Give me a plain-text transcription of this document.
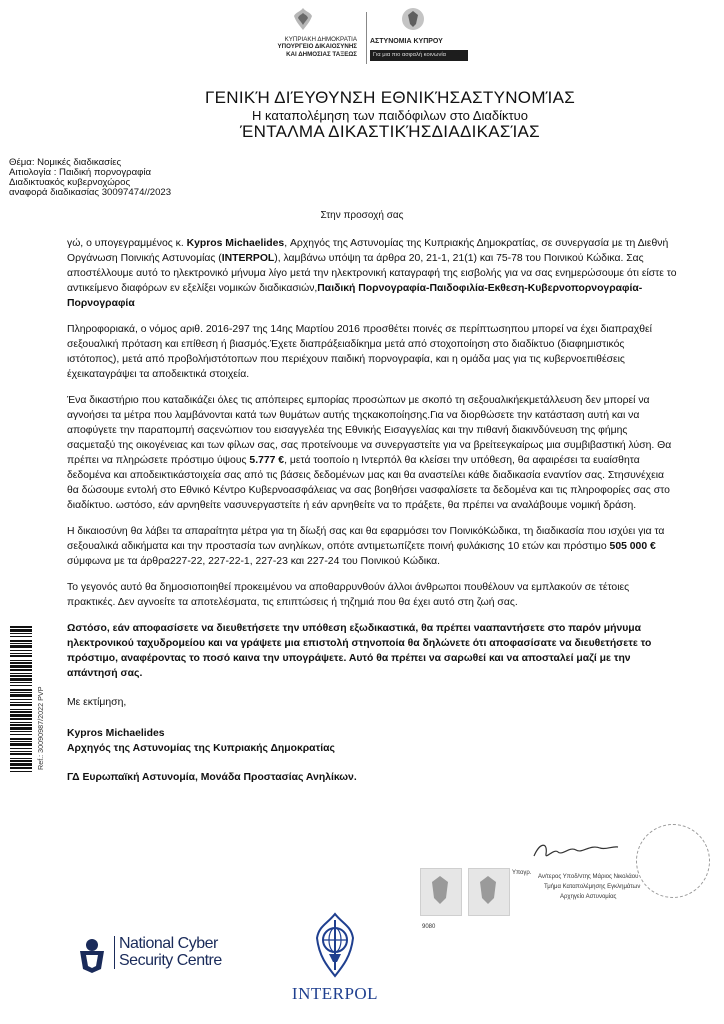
ΚΥΠΡΙΑΚΗ ΔΗΜΟΚΡΑΤΙΑ
ΥΠΟΥΡΓΕΙΟ ΔΙΚΑΙΟΣΥΝΗΣ
ΚΑΙ ΔΗΜΟΣΙΑΣ ΤΑΞΕΩΣ
ΑΣΤΥΝΟΜΙΑ ΚΥΠΡΟΥ
Για μια πιο ασφαλή κοινωνία
ΓΕΝΙΚΉ ΔΙΈΥΘΥΝΣΗ ΕΘΝΙΚΉΣΑΣΤΥΝΟΜΊΑΣ
Η καταπολέμηση των παιδόφιλων στο Διαδίκτυο
ΈΝΤΑΛΜΑ ΔΙΚΑΣΤΙΚΉΣΔΙΑΔΙΚΑΣΊΑΣ
Θέμα: Νομικές διαδικασίες
Αιτιολογία : Παιδική πορνογραφία
Διαδικτυακός κυβερνοχώρος
αναφορά διαδικασίας 30097474//2023
Στην προσοχή σας

γώ, ο υπογεγραμμένος κ. Kypros Michaelides, Αρχηγός της Αστυνομίας της Κυπριακής Δημοκρατίας, σε συνεργασία με τη Διεθνή Οργάνωση Ποινικής Αστυνομίας (INTERPOL), λαμβάνω υπόψη τα άρθρα 20, 21-1, 21(1) και 75-78 του Ποινικού Κώδικα. Σας αποστέλλουμε αυτό το ηλεκτρονικό μήνυμα λίγο μετά την ηλεκτρονική καταγραφή της εισβολής για να σας ενημερώσουμε ότι είστε το αντικείμενο διαφόρων εν εξελίξει νομικών διαδικασιών,Παιδική Πορνογραφία-Παιδοφιλία-Εκθεση-Κυβερνοπορνογραφία-Πορνογραφία

Πληροφοριακά, ο νόμος αριθ. 2016-297 της 14ης Μαρτίου 2016 προσθέτει ποινές σε περίπτωσηπου μπορεί να έχει διαπραχθεί σεξουαλική πρόταση και επίθεση ή βιασμός.Έχετε διαπράξειαδίκημα μετά από στοχοποίηση στο διαδίκτυο (διαφημιστικός ιστότοπος), μετά από προβολήιστότοπων που περιέχουν παιδική πορνογραφία, και η ομάδα μας για τις κυβερνοεπιθέσεις έχεικαταγράψει τα αποδεικτικά στοιχεία.

Ένα δικαστήριο που καταδικάζει όλες τις απόπειρες εμπορίας προσώπων με σκοπό τη σεξουαλικήεκμετάλλευση δεν μπορεί να αγνοήσει τα μέτρα που λαμβάνονται κατά των θυμάτων αυτής τηςκακοποίησης.Για να διορθώσετε την κατάσταση αυτή και να αποφύγετε την παραπομπή σαςενώπιον του εισαγγελέα της Εθνικής Εισαγγελίας και την πιθανή διακινδύνευση της φήμης σαςμεταξύ της οικογένειας και των φίλων σας, σας προτείνουμε να συνεργαστείτε για να βρείτεεγκαίρως μια συμβιβαστική λύση. Θα πρέπει να πληρώσετε πρόστιμο ύψους 5.777 €, μετά τοοποίο η Ιντερπόλ θα κλείσει την υπόθεση, θα αφαιρέσει τα ευαίσθητα δεδομένα και αποδεικτικάστοιχεία σας από τις βάσεις δεδομένων μας και θα αναστείλει κάθε διαδικασία εναντίον σας. Στησυνέχεια θα δώσουμε εντολή στο Εθνικό Κέντρο Κυβερνοασφάλειας να σας βοηθήσει νασφαλίσετε τα δεδομένα και τις πληροφορίες σας στο διαδίκτυο. ωστόσο, εάν αρνηθείτε νασυνεργαστείτε ή εάν αρνηθείτε να το πράξετε, θα πρέπει να αναλάβουμε νομική δράση.

Η δικαιοσύνη θα λάβει τα απαραίτητα μέτρα για τη δίωξή σας και θα εφαρμόσει τον ΠοινικόΚώδικα, τη διαδικασία που ισχύει για τα σεξουαλικά αδικήματα και την προστασία των ανηλίκων, οπότε αντιμετωπίζετε ποινή φυλάκισης 10 ετών και πρόστιμο 505 000 € σύμφωνα με τα άρθρα227-22, 227-22-1, 227-23 και 227-24 του Ποινικού Κώδικα.

Το γεγονός αυτό θα δημοσιοποιηθεί προκειμένου να αποθαρρυνθούν άλλοι άνθρωποι πουθέλουν να εμπλακούν σε τέτοιες πρακτικές. Δεν αγνοείτε τα αποτελέσματα, τις επιπτώσεις ή τηζημιά που θα έχει αυτό στη ζωή σας.

Ωστόσο, εάν αποφασίσετε να διευθετήσετε την υπόθεση εξωδικαστικά, θα πρέπει νααπαντήσετε στο παρόν μήνυμα ηλεκτρονικού ταχυδρομείου και να γράψετε μια επιστολή στηνοποία θα δηλώνετε ότι αποφασίσατε να διευθετήσετε το πρόστιμο, αναφέροντας το ποσό καινα την υπογράψετε. Αυτό θα πρέπει να σαρωθεί και να αποσταλεί μαζί με την απάντησή σας.

Με εκτίμηση,

Kypros Michaelides
Αρχηγός της Αστυνομίας της Κυπριακής Δημοκρατίας

ΓΔ Ευρωπαϊκή Αστυνομία, Μονάδα Προστασίας Ανηλίκων.

Ref.: 30090987/2022 PVP
Υπογρ.
Αν/τερος Υποδ/ντης Μάριος Νικολάου
Τμήμα Καταπολέμησης Εγκλημάτων
Αρχηγείο Αστυνομίας
9080
National Cyber
Security Centre
INTERPOL
